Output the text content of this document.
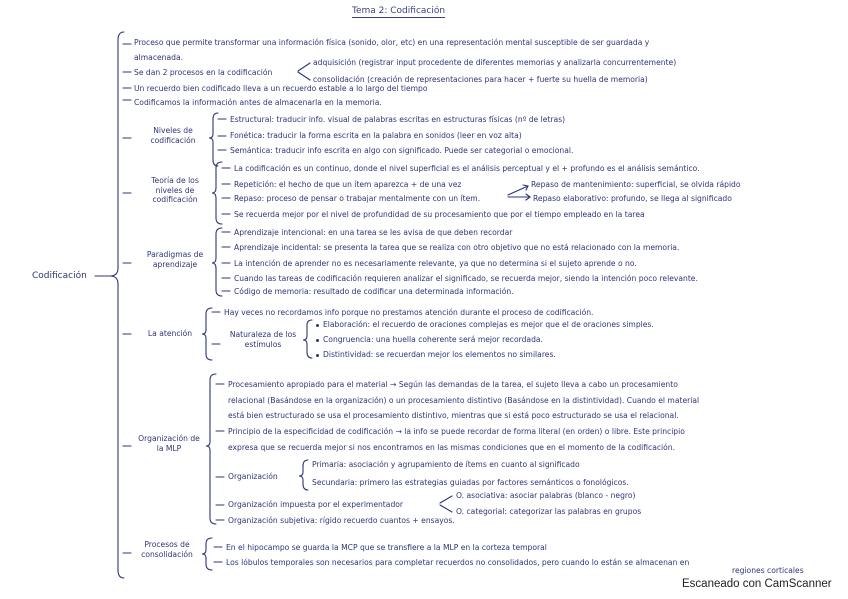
Tema 2: Codificación
Codificación
Proceso que permite transformar una información física (sonido, olor, etc) en una representación mental susceptible de ser guardada y
almacenada.
Se dan 2 procesos en la codificación
adquisición (registrar input procedente de diferentes memorias y analizarla concurrentemente)
consolidación (creación de representaciones para hacer + fuerte su huella de memoria)
Un recuerdo bien codificado lleva a un recuerdo estable a lo largo del tiempo
Codificamos la información antes de almacenarla en la memoria.
Niveles de codificación
Estructural: traducir info. visual de palabras escritas en estructuras físicas (nº de letras)
Fonética: traducir la forma escrita en la palabra en sonidos (leer en voz alta)
Semántica: traducir info escrita en algo con significado. Puede ser categorial o emocional.
Teoría de los niveles de codificación
La codificación es un continuo, donde el nivel superficial es el análisis perceptual y el + profundo es el análisis semántico.
Repetición: el hecho de que un ítem aparezca + de una vez
Repaso: proceso de pensar o trabajar mentalmente con un ítem.
Se recuerda mejor por el nivel de profundidad de su procesamiento que por el tiempo empleado en la tarea
Repaso de mantenimiento: superficial, se olvida rápido
Repaso elaborativo: profundo, se llega al significado
Paradigmas de aprendizaje
Aprendizaje intencional: en una tarea se les avisa de que deben recordar
Aprendizaje incidental: se presenta la tarea que se realiza con otro objetivo que no está relacionado con la memoria.
La intención de aprender no es necesariamente relevante, ya que no determina si el sujeto aprende o no.
Cuando las tareas de codificación requieren analizar el significado, se recuerda mejor, siendo la intención poco relevante.
Código de memoria: resultado de codificar una determinada información.
La atención
Hay veces no recordamos info porque no prestamos atención durante el proceso de codificación.
Naturaleza de los estímulos
Elaboración: el recuerdo de oraciones complejas es mejor que el de oraciones simples.
Congruencia: una huella coherente será mejor recordada.
Distintividad: se recuerdan mejor los elementos no similares.
Organización de la MLP
Procesamiento apropiado para el material → Según las demandas de la tarea, el sujeto lleva a cabo un procesamiento
relacional (Basándose en la organización) o un procesamiento distintivo (Basándose en la distintividad). Cuando el material
está bien estructurado se usa el procesamiento distintivo, mientras que si está poco estructurado se usa el relacional.
Principio de la especificidad de codificación → la info se puede recordar de forma literal (en orden) o libre. Este principio
expresa que se recuerda mejor si nos encontramos en las mismas condiciones que en el momento de la codificación.
Organización
Primaria: asociación y agrupamiento de ítems en cuanto al significado
Secundaria: primero las estrategias guiadas por factores semánticos o fonológicos.
Organización impuesta por el experimentador
O. asociativa: asociar palabras (blanco - negro)
O. categorial: categorizar las palabras en grupos
Organización subjetiva: rígido recuerdo cuantos + ensayos.
Procesos de consolidación
En el hipocampo se guarda la MCP que se transfiere a la MLP en la corteza temporal
Los lóbulos temporales son necesarios para completar recuerdos no consolidados, pero cuando lo están se almacenan en
regiones corticales
Escaneado con CamScanner
